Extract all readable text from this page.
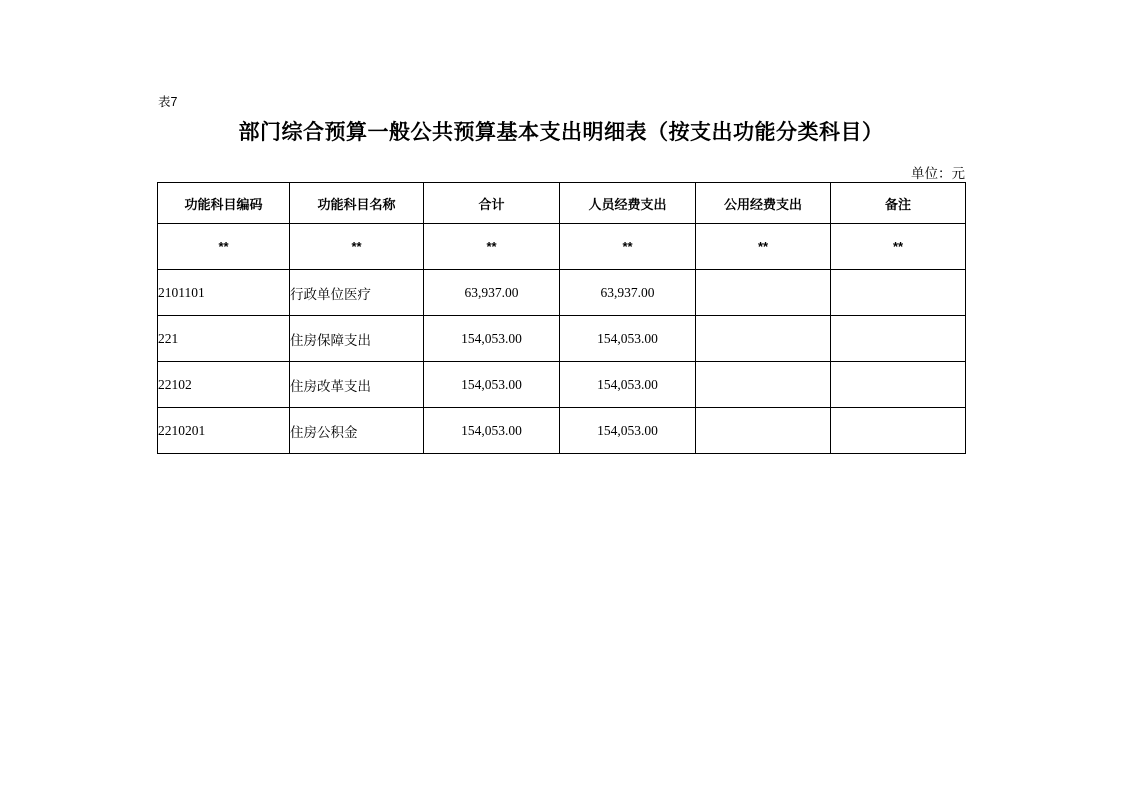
表7
部门综合预算一般公共预算基本支出明细表（按支出功能分类科目）
单位：元
功能科目编码	功能科目名称	合计	人员经费支出	公用经费支出	备注
**	**	**	**	**	**
2101101	行政单位医疗	63,937.00	63,937.00		
221	住房保障支出	154,053.00	154,053.00		
22102	住房改革支出	154,053.00	154,053.00		
2210201	住房公积金	154,053.00	154,053.00		
